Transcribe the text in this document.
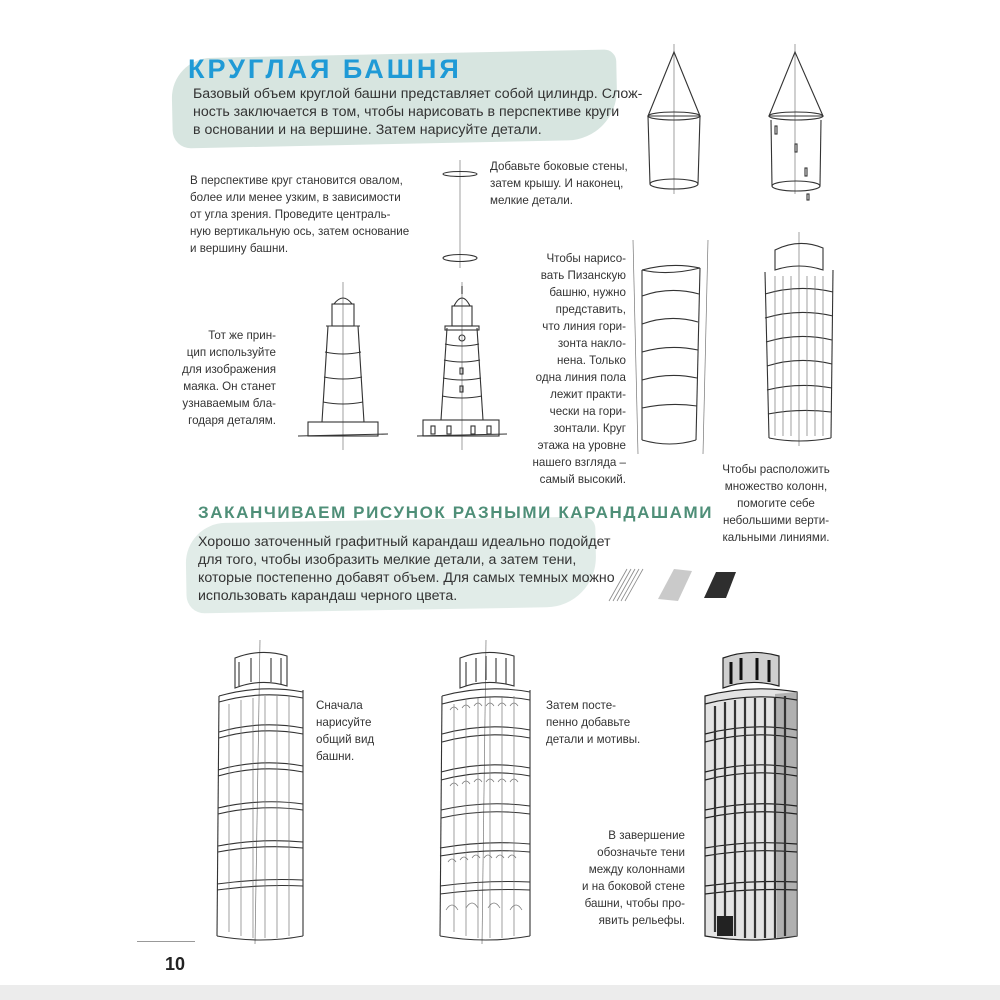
КРУГЛАЯ БАШНЯ
Базовый объем круглой башни представляет собой цилиндр. Слож-
ность заключается в том, чтобы нарисовать в перспективе круги
в основании и на вершине. Затем нарисуйте детали.
В перспективе круг становится овалом,
более или менее узким, в зависимости
от угла зрения. Проведите централь-
ную вертикальную ось, затем основание
и вершину башни.
Добавьте боковые стены,
затем крышу. И наконец,
мелкие детали.
Тот же прин-
цип используйте
для изображения
маяка. Он станет
узнаваемым бла-
годаря деталям.
Чтобы нарисо-
вать Пизанскую
башню, нужно
представить,
что линия гори-
зонта накло-
нена. Только
одна линия пола
лежит практи-
чески на гори-
зонтали. Круг
этажа на уровне
нашего взгляда –
самый высокий.
Чтобы расположить
множество колонн,
помогите себе
небольшими верти-
кальными линиями.
ЗАКАНЧИВАЕМ РИСУНОК РАЗНЫМИ КАРАНДАШАМИ
Хорошо заточенный графитный карандаш идеально подойдет
для того, чтобы изобразить мелкие детали, а затем тени,
которые постепенно добавят объем. Для самых темных можно
использовать карандаш черного цвета.
Сначала
нарисуйте
общий вид
башни.
Затем посте-
пенно добавьте
детали и мотивы.
В завершение
обозначьте тени
между колоннами
и на боковой стене
башни, чтобы про-
явить рельефы.
10
